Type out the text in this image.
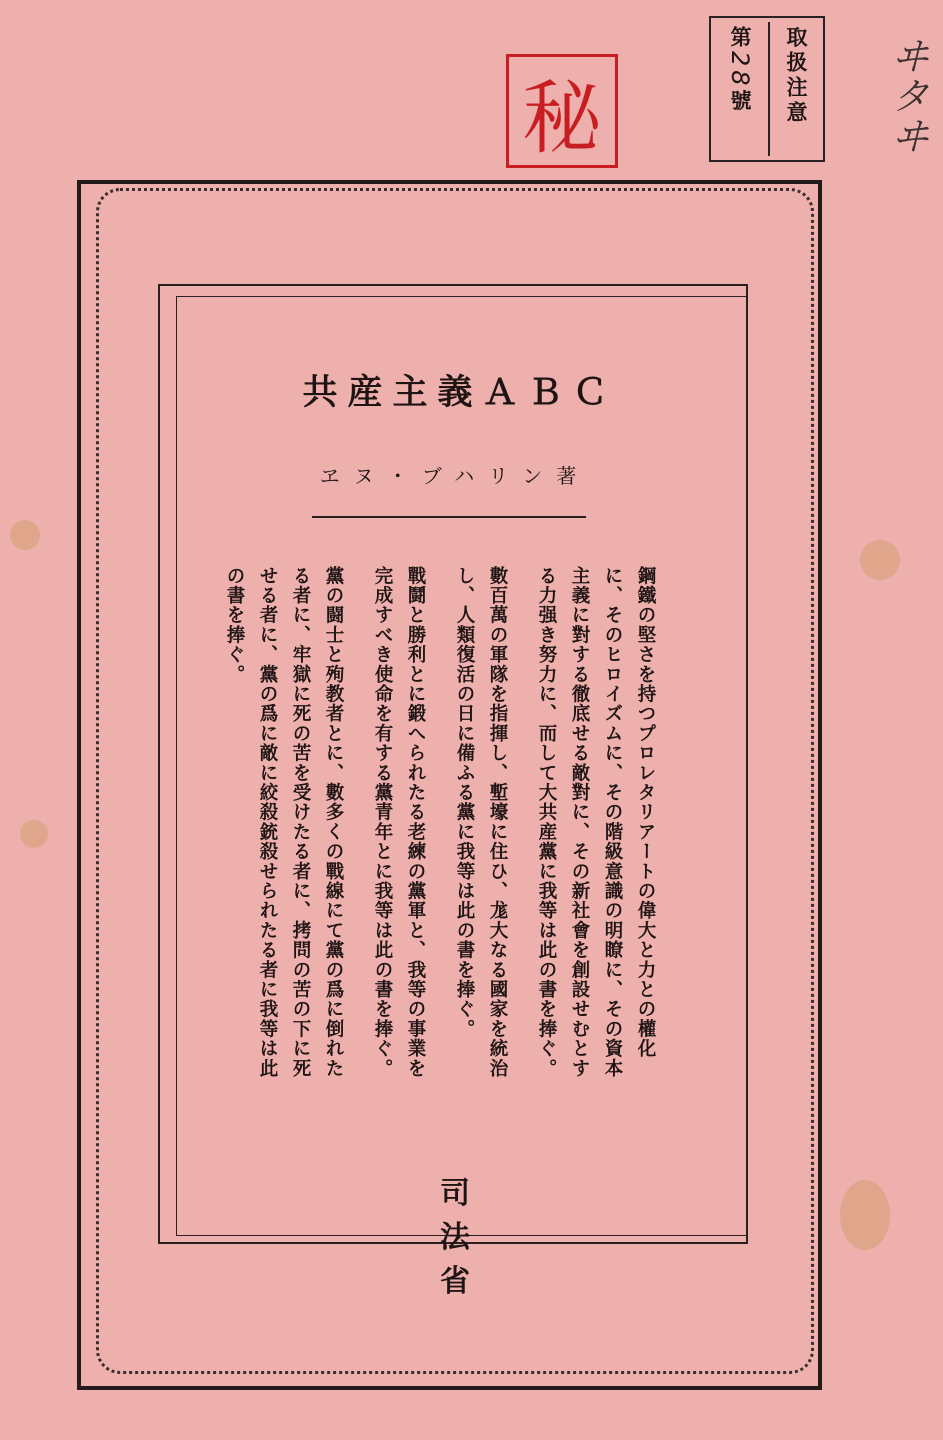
取扱注意
第28號	ヰタヰ
秘
共産主義ＡＢＣ
ヱヌ・ブハリン著

鋼鐵の堅さを持つプロレタリアートの偉大と力との權化に、そのヒロイズムに、その階級意識の明瞭に、その資本主義に對する徹底せる敵對に、その新社會を創設せむとする力强き努力に、而して大共産黨に我等は此の書を捧ぐ。

數百萬の軍隊を指揮し、塹壕に住ひ、尨大なる國家を統治し、人類復活の日に備ふる黨に我等は此の書を捧ぐ。

戰鬪と勝利とに鍛へられたる老練の黨軍と、我等の事業を完成すべき使命を有する黨青年とに我等は此の書を捧ぐ。

黨の闘士と殉教者とに、數多くの戰線にて黨の爲に倒れたる者に、牢獄に死の苦を受けたる者に、拷問の苦の下に死せる者に、黨の爲に敵に絞殺銃殺せられたる者に我等は此の書を捧ぐ。

司法省
